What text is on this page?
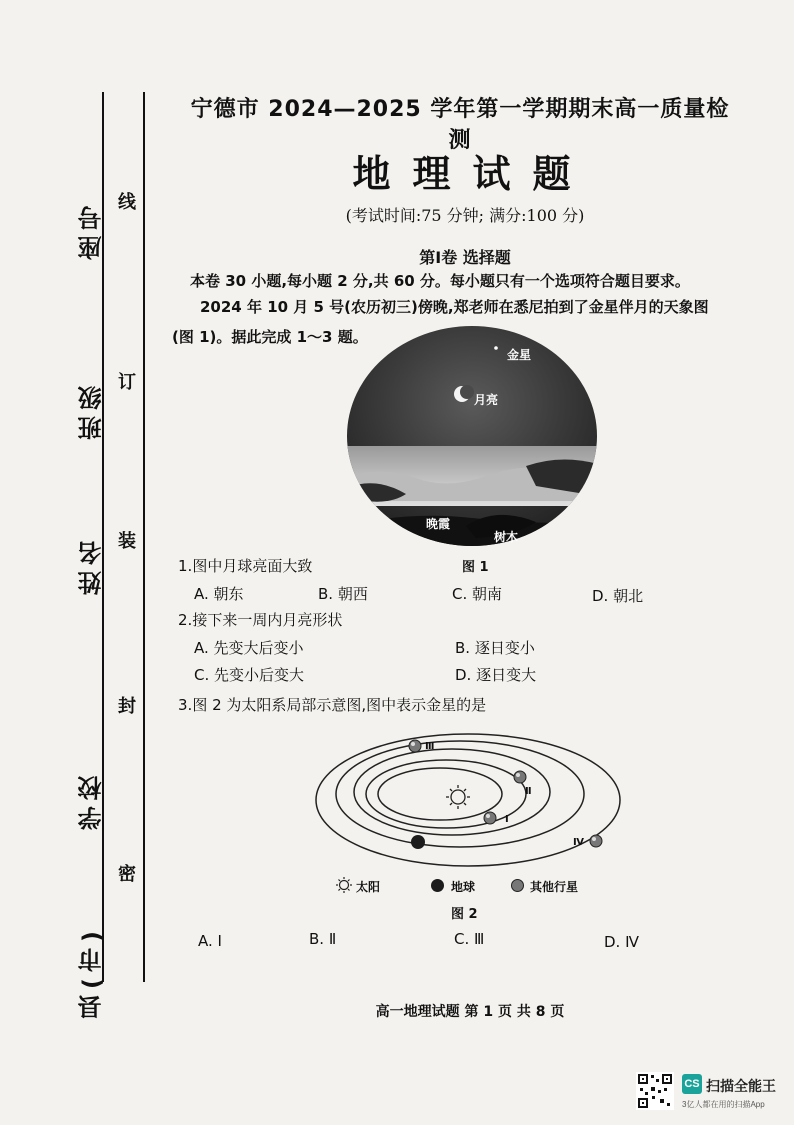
座号
班级
姓名
学校
县(市)
线
订
装
封
密
宁德市 2024—2025 学年第一学期期末高一质量检测
地理试题
(考试时间:75 分钟; 满分:100 分)
第Ⅰ卷 选择题
本卷 30 小题,每小题 2 分,共 60 分。每小题只有一个选项符合题目要求。
2024 年 10 月 5 号(农历初三)傍晚,郑老师在悉尼拍到了金星伴月的天象图
(图 1)。据此完成 1～3 题。
金星
月亮
晚霞
树木
图 1
1.图中月球亮面大致
A. 朝东	B. 朝西	C. 朝南	D. 朝北
2.接下来一周内月亮形状
A. 先变大后变小	B. 逐日变小
C. 先变小后变大	D. 逐日变大
3.图 2 为太阳系局部示意图,图中表示金星的是
Ⅰ
Ⅱ
Ⅲ
Ⅳ
太阳	地球	其他行星
图 2
A. Ⅰ	B. Ⅱ	C. Ⅲ	D. Ⅳ
高一地理试题 第 1 页 共 8 页
CS 扫描全能王
3亿人都在用的扫描App
